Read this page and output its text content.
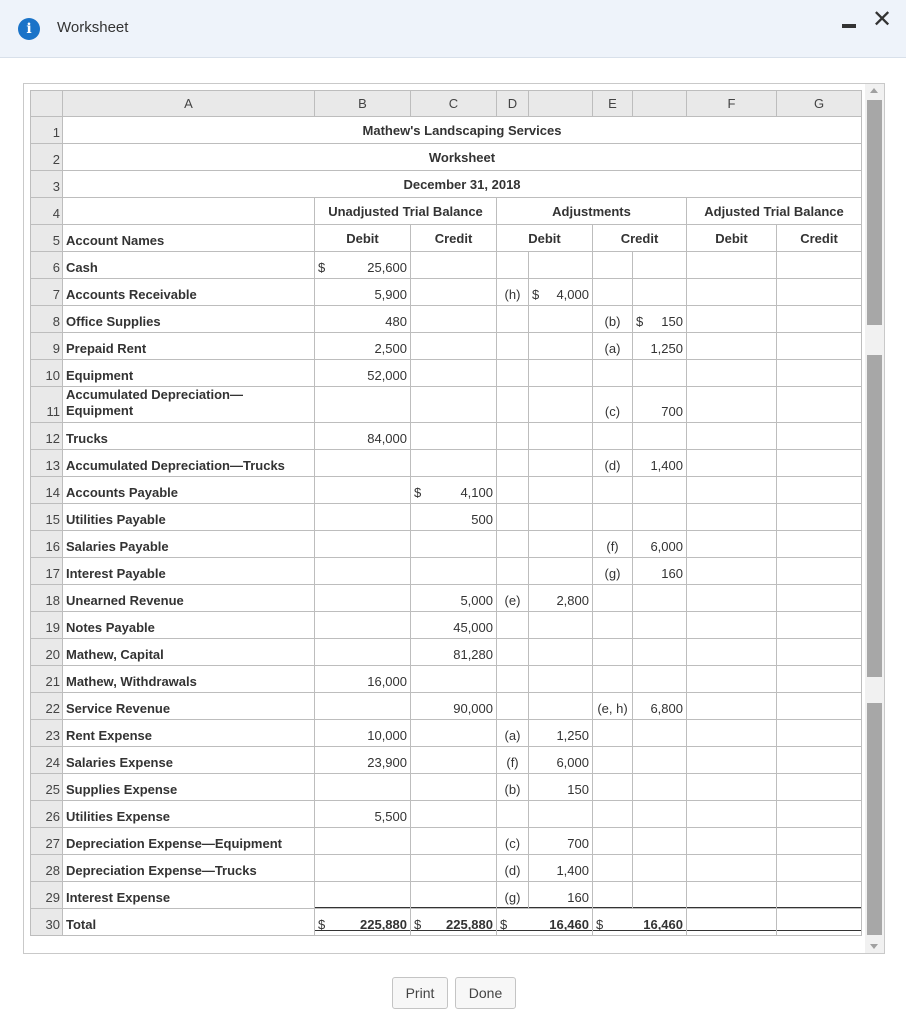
i	Worksheet	✕
	A	B	C	D		E		F	G
1	Mathew's Landscaping Services								
2	Worksheet								
3	December 31, 2018								
4		Unadjusted Trial Balance		Adjustments				Adjusted Trial Balance	
5	Account Names	Debit	Credit	Debit		Credit		Debit	Credit
6	Cash	$ 25,600	

7	Accounts Receivable	5,900		(h)	$ 4,000		

8	Office Supplies	480				(b)	$ 150		
9	Prepaid Rent	2,500				(a)	1,250		
10	Equipment	52,000	

11	Accumulated Depreciation—
Equipment					(c)	700		
12	Trucks	84,000	

13	Accumulated Depreciation—Trucks					(d)	1,400		
14	Accounts Payable		$ 4,100		

15	Utilities Payable		500		

16	Salaries Payable					(f)	6,000		
17	Interest Payable					(g)	160		
18	Unearned Revenue		5,000	(e)	2,800		

19	Notes Payable		45,000		

20	Mathew, Capital		81,280		

21	Mathew, Withdrawals	16,000	

22	Service Revenue		90,000			(e, h)	6,800		
23	Rent Expense	10,000		(a)	1,250		

24	Salaries Expense	23,900		(f)	6,000		

25	Supplies Expense			(b)	150		

26	Utilities Expense	5,500	

27	Depreciation Expense—Equipment			(c)	700		

28	Depreciation Expense—Trucks			(d)	1,400		

29	Interest Expense			(g)	160		

30	Total	$ 225,880	$ 225,880	$ 16,460		$ 16,460			
Print	Done
